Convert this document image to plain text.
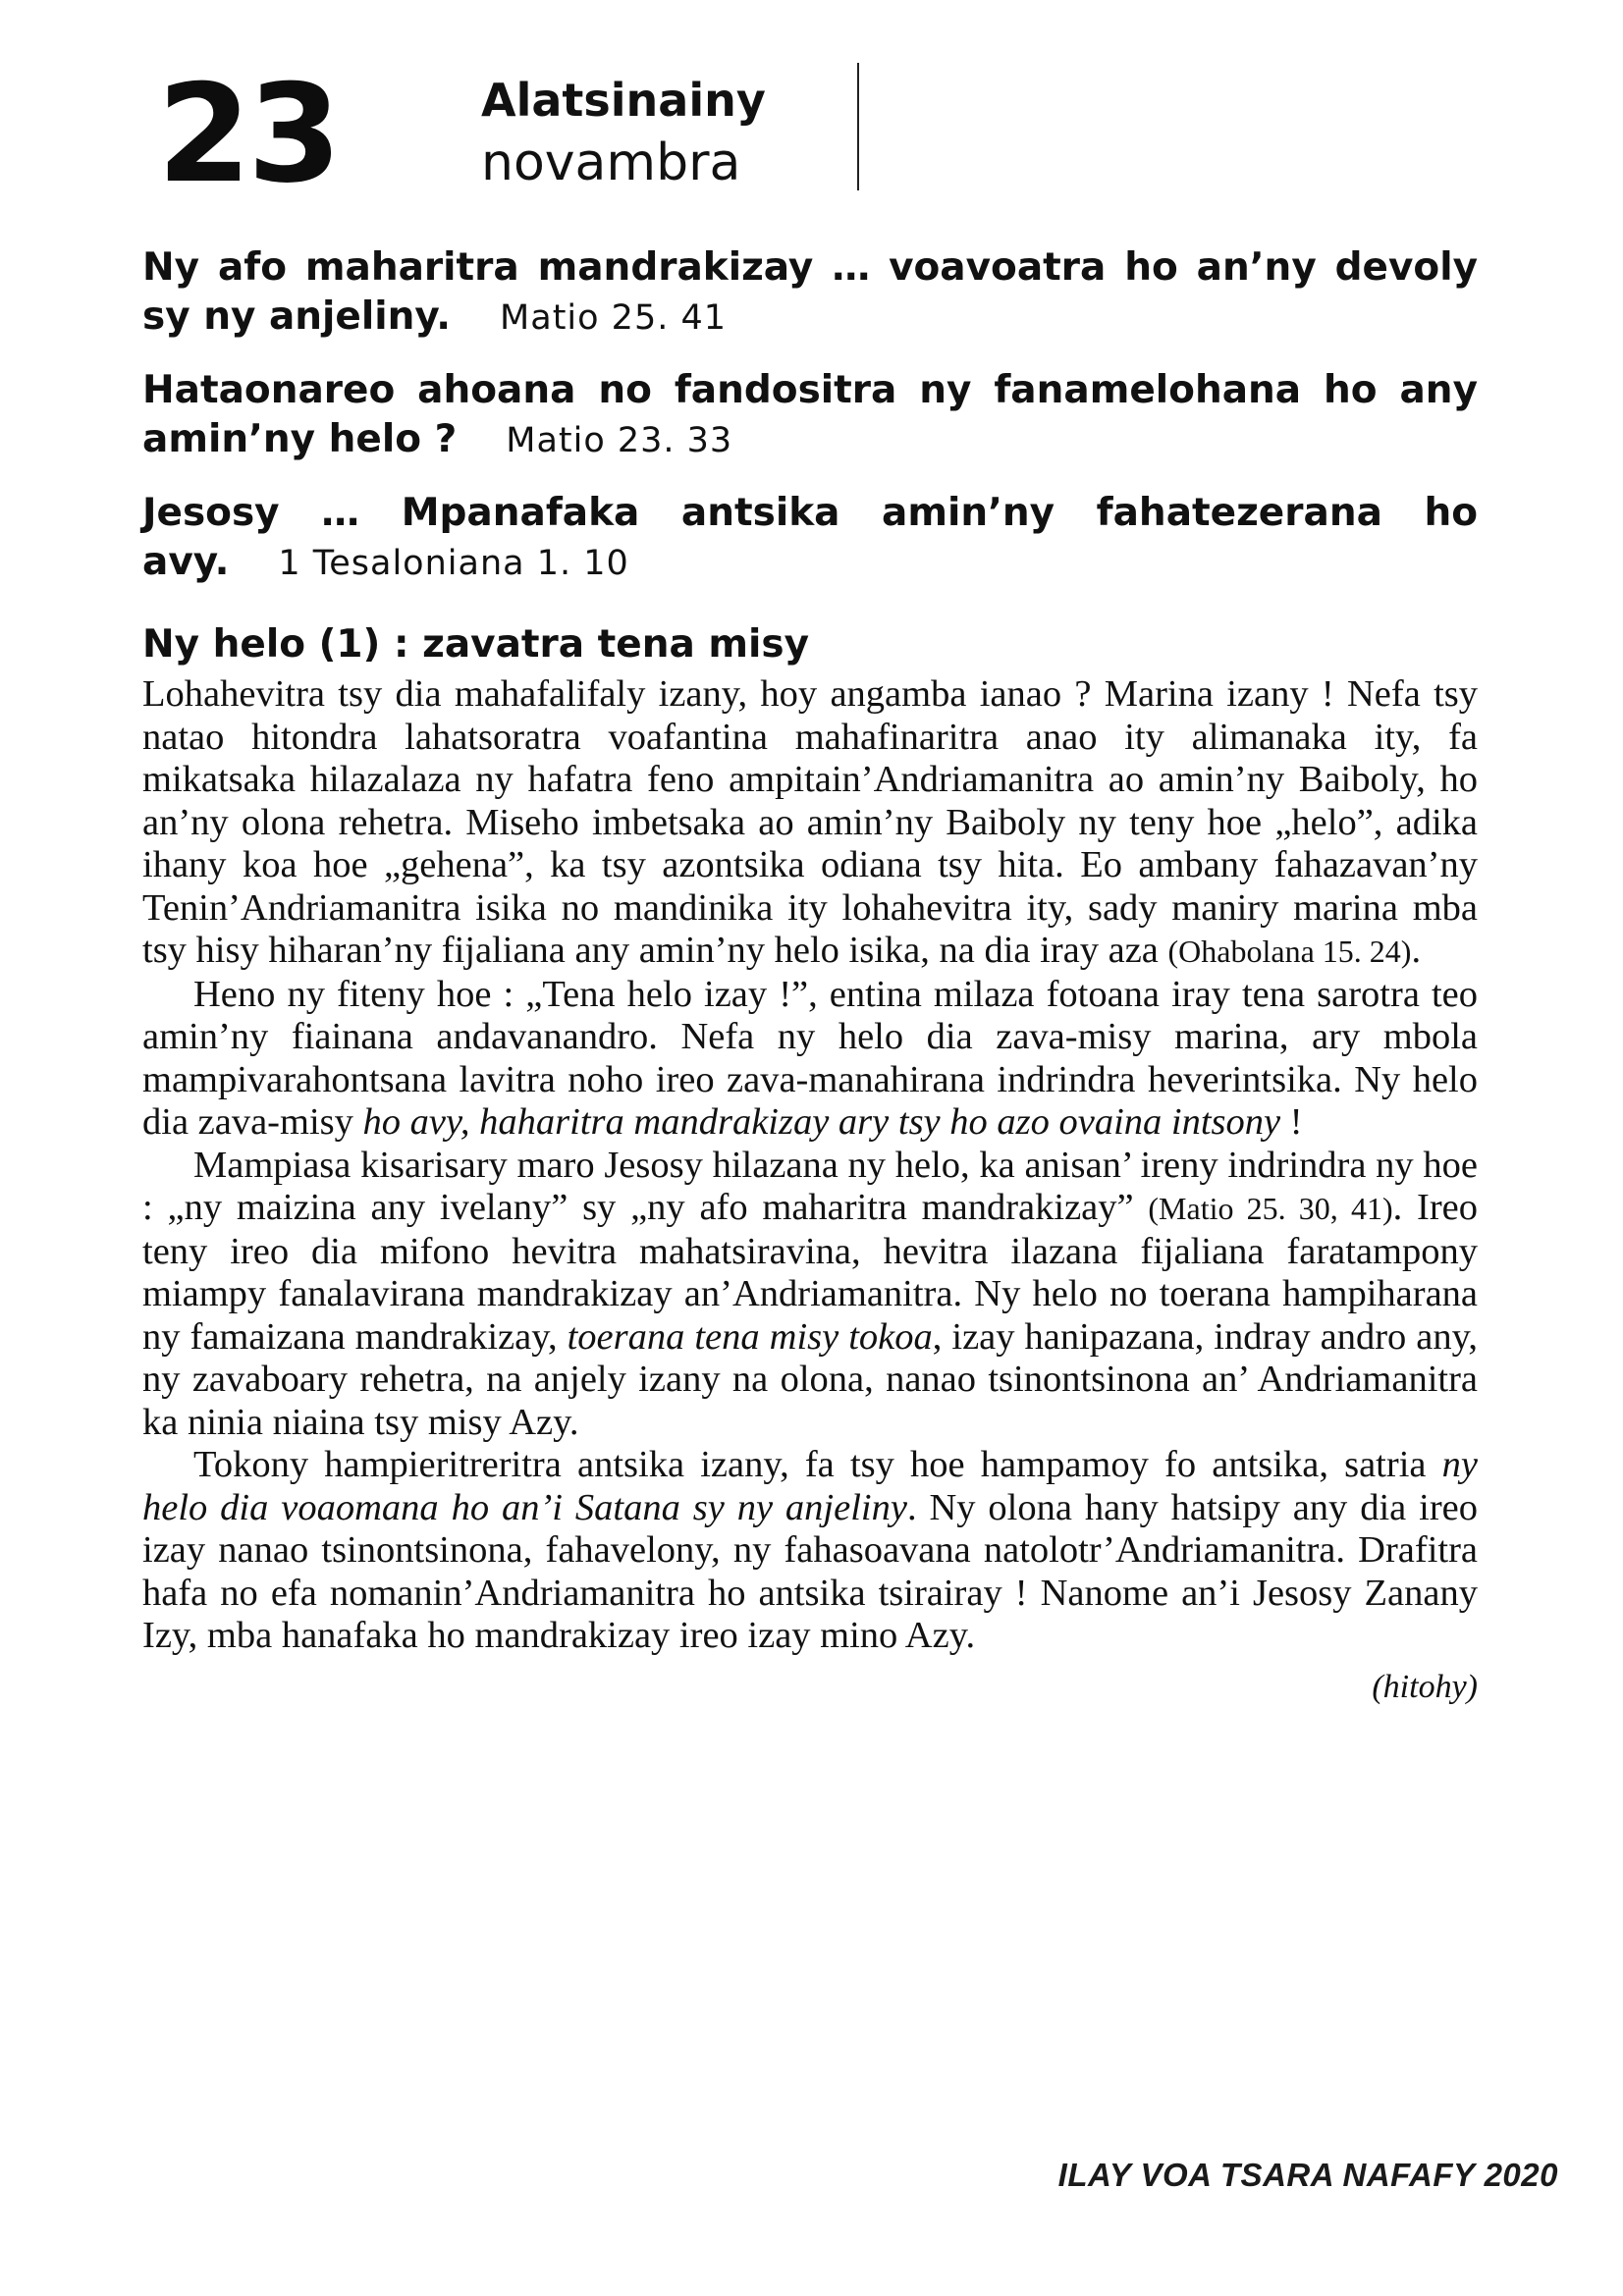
23	Alatsinainy
novambra

Ny afo maharitra mandrakizay … voavoatra ho an’ny devoly sy ny anjeliny. Matio 25. 41

Hataonareo ahoana no fandositra ny fanamelohana ho any amin’ny helo ? Matio 23. 33

Jesosy … Mpanafaka antsika amin’ny fahatezerana ho avy. 1 Tesaloniana 1. 10

Ny helo (1) : zavatra tena misy

Lohahevitra tsy dia mahafalifaly izany, hoy angamba ianao ? Marina izany ! Nefa tsy natao hitondra lahatsoratra voafantina mahafinaritra anao ity alimanaka ity, fa mikatsaka hilazalaza ny hafatra feno ampitain’Andriamanitra ao amin’ny Baiboly, ho an’ny olona rehetra. Miseho imbetsaka ao amin’ny Baiboly ny teny hoe „helo”, adika ihany koa hoe „gehena”, ka tsy azontsika odiana tsy hita. Eo ambany fahazavan’ny Tenin’Andriamanitra isika no mandinika ity lohahevitra ity, sady maniry marina mba tsy hisy hiharan’ny fijaliana any amin’ny helo isika, na dia iray aza (Ohabolana 15. 24).

Heno ny fiteny hoe : „Tena helo izay !”, entina milaza fotoana iray tena sarotra teo amin’ny fiainana andavanandro. Nefa ny helo dia zava-misy marina, ary mbola mampivarahontsana lavitra noho ireo zava-manahirana indrindra heverintsika. Ny helo dia zava-misy ho avy, haharitra mandrakizay ary tsy ho azo ovaina intsony !

Mampiasa kisarisary maro Jesosy hilazana ny helo, ka anisan’ ireny indrindra ny hoe : „ny maizina any ivelany” sy „ny afo maharitra mandrakizay” (Matio 25. 30, 41). Ireo teny ireo dia mifono hevitra mahatsiravina, hevitra ilazana fijaliana faratampony miampy fanalavirana mandrakizay an’Andriamanitra. Ny helo no toerana hampiharana ny famaizana mandrakizay, toerana tena misy tokoa, izay hanipazana, indray andro any, ny zavaboary rehetra, na anjely izany na olona, nanao tsinontsinona an’ Andriamanitra ka ninia niaina tsy misy Azy.

Tokony hampieritreritra antsika izany, fa tsy hoe hampamoy fo antsika, satria ny helo dia voaomana ho an’i Satana sy ny anjeliny. Ny olona hany hatsipy any dia ireo izay nanao tsinontsinona, fahavelony, ny fahasoavana natolotr’Andriamanitra. Drafitra hafa no efa nomanin’Andriamanitra ho antsika tsirairay ! Nanome an’i Jesosy Zanany Izy, mba hanafaka ho mandrakizay ireo izay mino Azy.

(hitohy)

ILAY VOA TSARA NAFAFY 2020
